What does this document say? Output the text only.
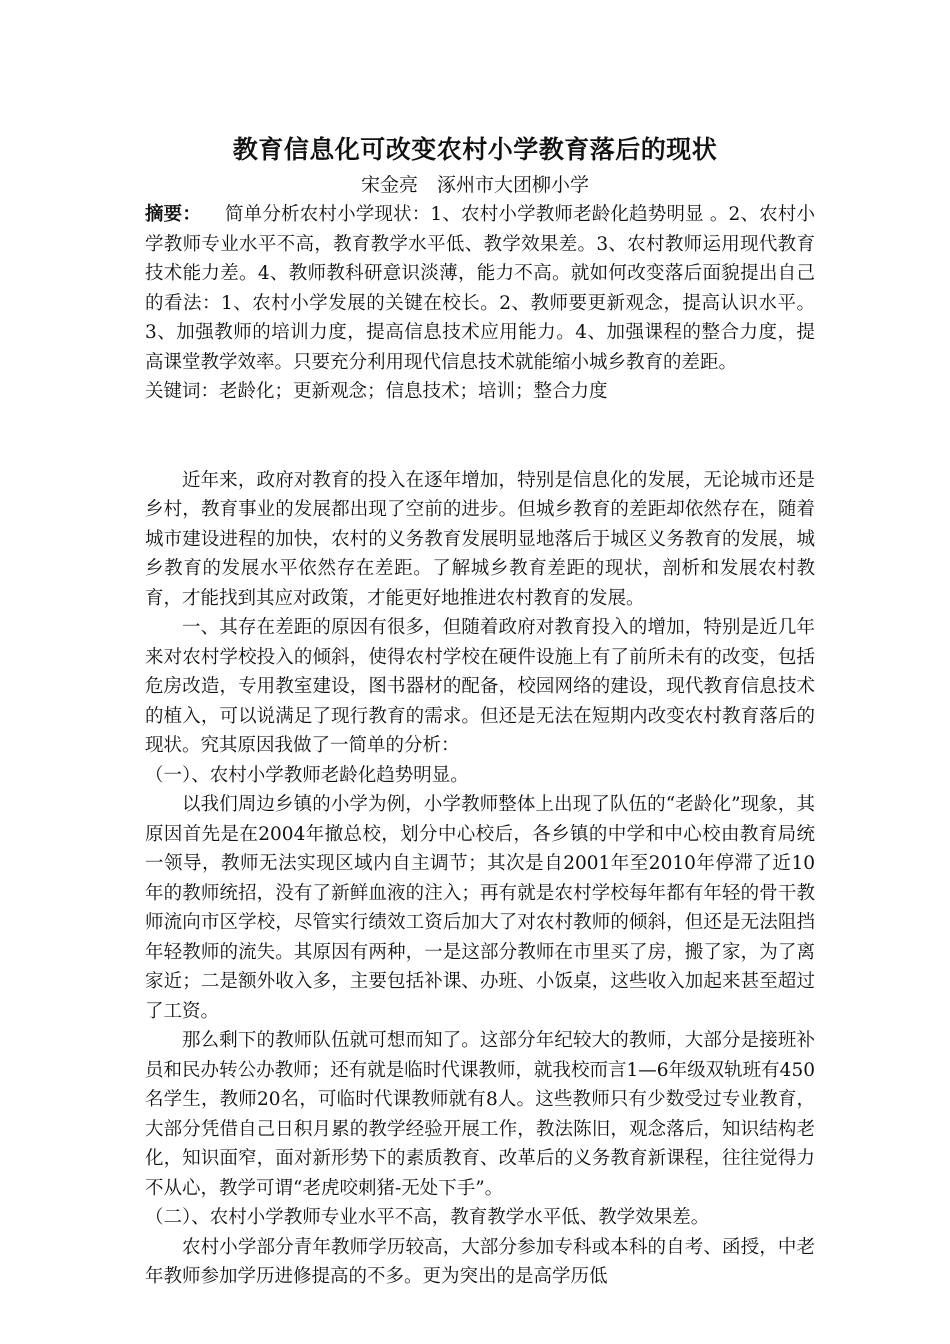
教育信息化可改变农村小学教育落后的现状
宋金亮　涿州市大团柳小学

摘要： 简单分析农村小学现状：1、农村小学教师老龄化趋势明显 。2、农村小学教师专业水平不高，教育教学水平低、教学效果差。3、农村教师运用现代教育技术能力差。4、教师教科研意识淡薄，能力不高。就如何改变落后面貌提出自己的看法：1、农村小学发展的关键在校长。2、教师要更新观念，提高认识水平。3、加强教师的培训力度，提高信息技术应用能力。4、加强课程的整合力度，提高课堂教学效率。只要充分利用现代信息技术就能缩小城乡教育的差距。

关键词：老龄化；更新观念；信息技术；培训；整合力度

近年来，政府对教育的投入在逐年增加，特别是信息化的发展，无论城市还是乡村，教育事业的发展都出现了空前的进步。但城乡教育的差距却依然存在，随着城市建设进程的加快，农村的义务教育发展明显地落后于城区义务教育的发展，城乡教育的发展水平依然存在差距。了解城乡教育差距的现状，剖析和发展农村教育，才能找到其应对政策，才能更好地推进农村教育的发展。

一、其存在差距的原因有很多，但随着政府对教育投入的增加，特别是近几年来对农村学校投入的倾斜，使得农村学校在硬件设施上有了前所未有的改变，包括危房改造，专用教室建设，图书器材的配备，校园网络的建设，现代教育信息技术的植入，可以说满足了现行教育的需求。但还是无法在短期内改变农村教育落后的现状。究其原因我做了一简单的分析：

（一）、农村小学教师老龄化趋势明显。

以我们周边乡镇的小学为例，小学教师整体上出现了队伍的“老龄化”现象，其原因首先是在2004年撤总校，划分中心校后，各乡镇的中学和中心校由教育局统一领导，教师无法实现区域内自主调节；其次是自2001年至2010年停滞了近10年的教师统招，没有了新鲜血液的注入；再有就是农村学校每年都有年轻的骨干教师流向市区学校，尽管实行绩效工资后加大了对农村教师的倾斜，但还是无法阻挡年轻教师的流失。其原因有两种，一是这部分教师在市里买了房，搬了家，为了离家近；二是额外收入多，主要包括补课、办班、小饭桌，这些收入加起来甚至超过了工资。

那么剩下的教师队伍就可想而知了。这部分年纪较大的教师，大部分是接班补员和民办转公办教师；还有就是临时代课教师，就我校而言1—6年级双轨班有450名学生，教师20名，可临时代课教师就有8人。这些教师只有少数受过专业教育，大部分凭借自己日积月累的教学经验开展工作，教法陈旧，观念落后，知识结构老化，知识面窄，面对新形势下的素质教育、改革后的义务教育新课程，往往觉得力不从心，教学可谓“老虎咬刺猪-无处下手”。

（二）、农村小学教师专业水平不高，教育教学水平低、教学效果差。

农村小学部分青年教师学历较高，大部分参加专科或本科的自考、函授，中老年教师参加学历进修提高的不多。更为突出的是高学历低
